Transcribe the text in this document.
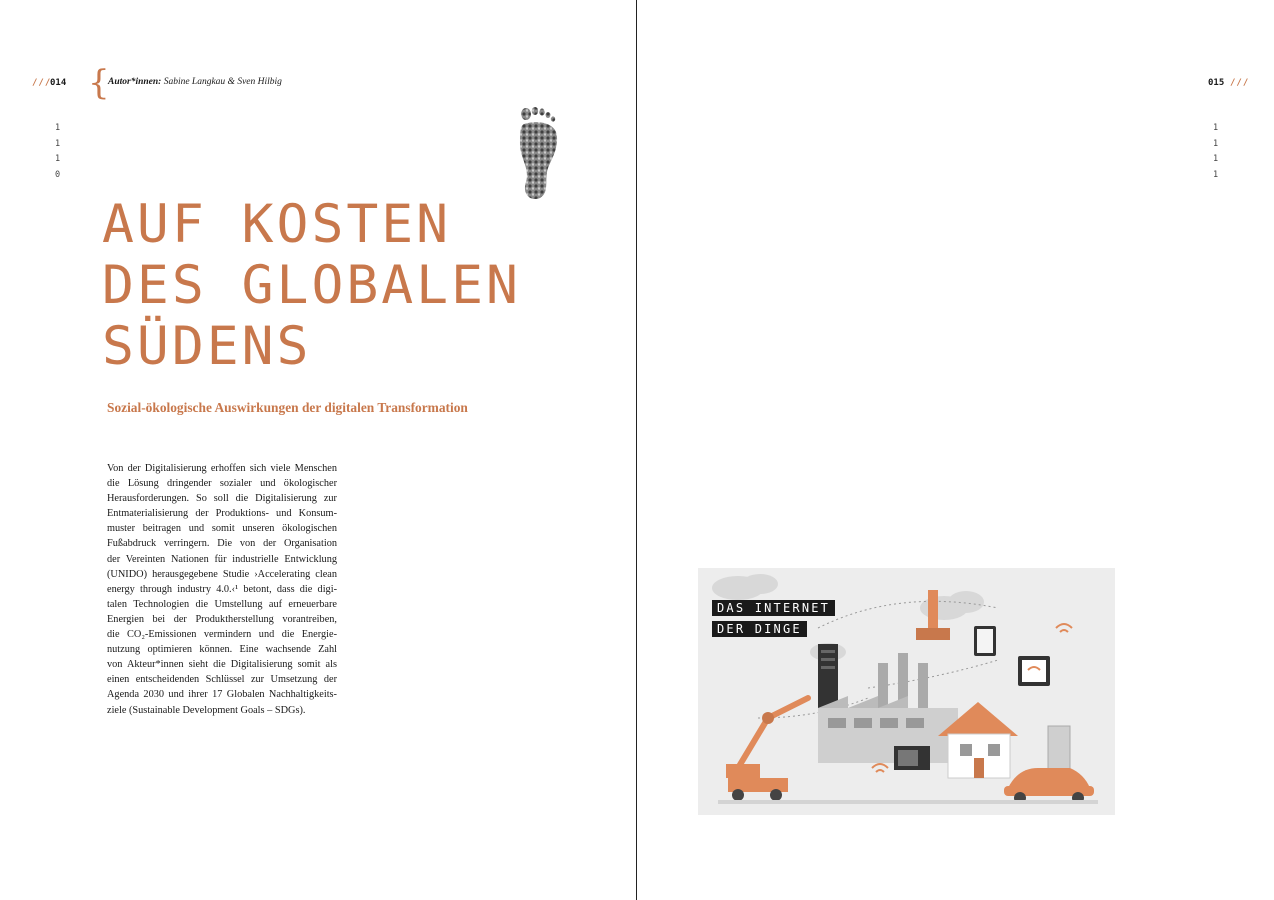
///
014 {
Autor*innen: Sabine Langkau & Sven Hilbig
1
1
1
0
AUF KOSTEN
DES GLOBALEN
SÜDENS
Sozial-ökologische Auswirkungen der digitalen Transformation
Von der Digitalisierung erhoffen sich viele Menschen
die Lösung dringender sozialer und ökologischer
Herausforderungen. So soll die Digitalisierung zur
Entmaterialisierung der Produktions- und Konsum-
muster beitragen und somit unseren ökologischen
Fußabdruck verringern. Die von der Organisation
der Vereinten Nationen für industrielle Entwicklung
(UNIDO) herausgegebene Studie ›Accelerating clean
energy through industry 4.0.‹¹ betont, dass die digi-
talen Technologien die Umstellung auf erneuerbare
Energien bei der Produktherstellung vorantreiben,
die CO₂-Emissionen vermindern und die Energie-
nutzung optimieren können. Eine wachsende Zahl
von Akteur*innen sieht die Digitalisierung somit als
einen entscheidenden Schlüssel zur Umsetzung der
Agenda 2030 und ihrer 17 Globalen Nachhaltigkeits-
ziele (Sustainable Development Goals – SDGs).
015 ///
1
1
1
1
DAS INTERNET
DER DINGE
